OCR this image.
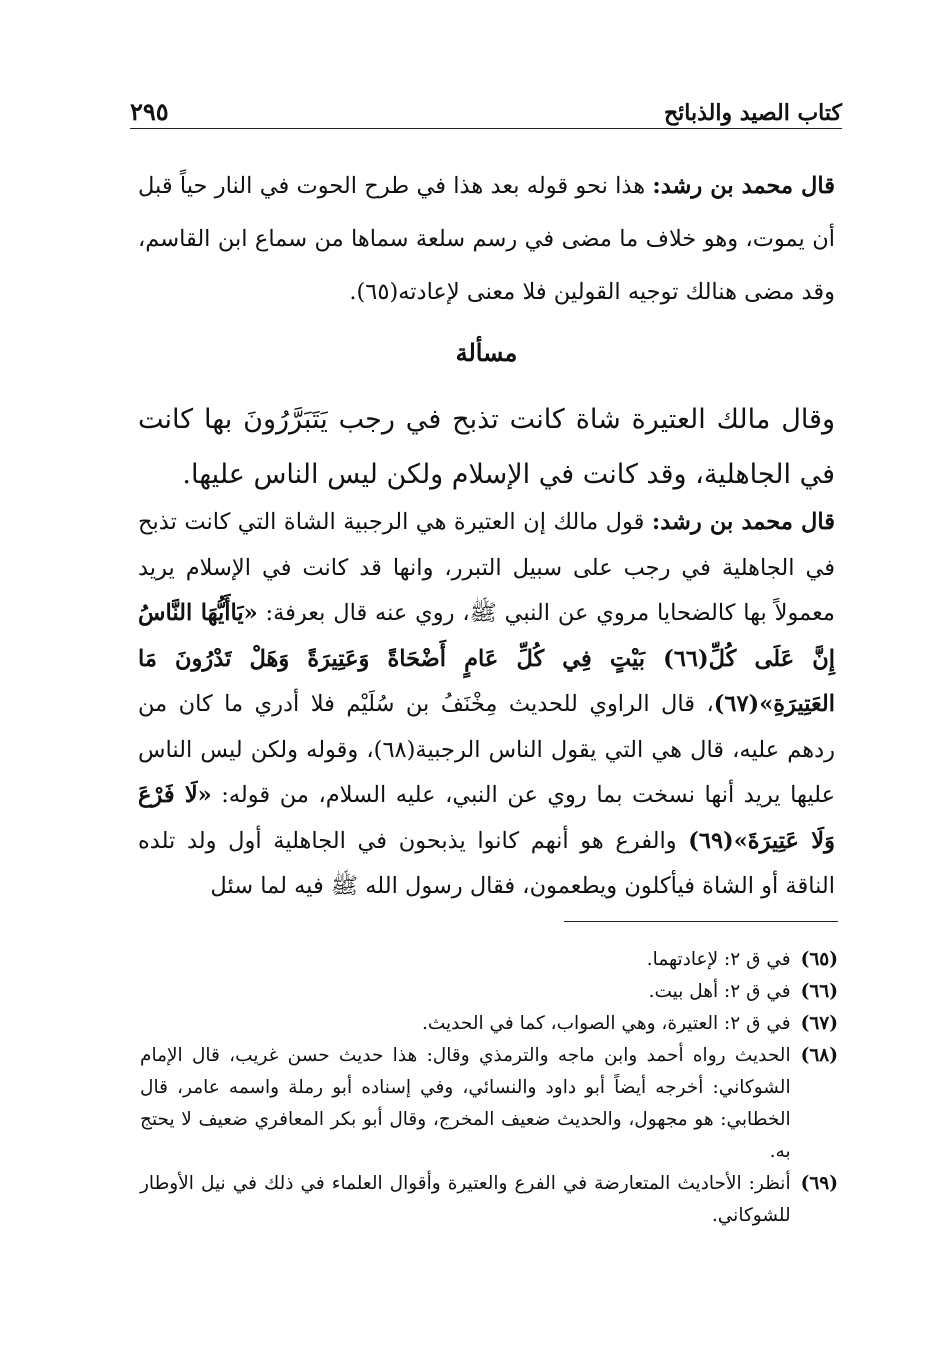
كتاب الصيد والذبائح
٢٩٥

قال محمد بن رشد: هذا نحو قوله بعد هذا في طرح الحوت في النار حياً قبل أن يموت، وهو خلاف ما مضى في رسم سلعة سماها من سماع ابن القاسم، وقد مضى هنالك توجيه القولين فلا معنى لإعادته(٦٥).

مسألة

وقال مالك العتيرة شاة كانت تذبح في رجب يَتَبَرَّرُونَ بها كانت في الجاهلية، وقد كانت في الإسلام ولكن ليس الناس عليها.

قال محمد بن رشد: قول مالك إن العتيرة هي الرجبية الشاة التي كانت تذبح في الجاهلية في رجب على سبيل التبرر، وانها قد كانت في الإسلام يريد معمولاً بها كالضحايا مروي عن النبي ﷺ، روي عنه قال بعرفة: «يَاأَيُّهَا النَّاسُ إِنَّ عَلَى كُلِّ(٦٦) بَيْتٍ فِي كُلِّ عَامٍ أَضْحَاةً وَعَتِيرَةً وَهَلْ تَدْرُونَ مَا العَتِيرَةِ»(٦٧)، قال الراوي للحديث مِخْنَفُ بن سُلَيْم فلا أدري ما كان من ردهم عليه، قال هي التي يقول الناس الرجبية(٦٨)، وقوله ولكن ليس الناس عليها يريد أنها نسخت بما روي عن النبي، عليه السلام، من قوله: «لَا فَرْعَ وَلَا عَتِيرَةَ»(٦٩) والفرع هو أنهم كانوا يذبحون في الجاهلية أول ولد تلده الناقة أو الشاة فيأكلون ويطعمون، فقال رسول الله ﷺ فيه لما سئل

(٦٥)
في ق ٢: لإعادتهما.
(٦٦)
في ق ٢: أهل بيت.
(٦٧)
في ق ٢: العتيرة، وهي الصواب، كما في الحديث.
(٦٨)
الحديث رواه أحمد وابن ماجه والترمذي وقال: هذا حديث حسن غريب، قال الإمام الشوكاني: أخرجه أيضاً أبو داود والنسائي، وفي إسناده أبو رملة واسمه عامر، قال الخطابي: هو مجهول، والحديث ضعيف المخرج، وقال أبو بكر المعافري ضعيف لا يحتج به.
(٦٩)
أنظر: الأحاديث المتعارضة في الفرع والعتيرة وأقوال العلماء في ذلك في نيل الأوطار للشوكاني.
